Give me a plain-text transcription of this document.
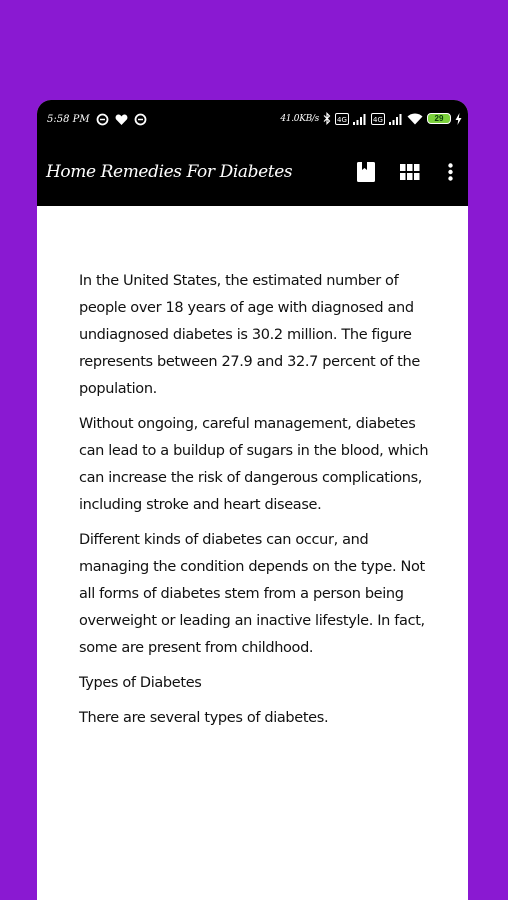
5:58 PM	41.0KB/s	4G	4G	29
Home Remedies For Diabetes

In the United States, the estimated number of people over 18 years of age with diagnosed and undiagnosed diabetes is 30.2 million. The figure represents between 27.9 and 32.7 percent of the population.

Without ongoing, careful management, diabetes can lead to a buildup of sugars in the blood, which can increase the risk of dangerous complications, including stroke and heart disease.

Different kinds of diabetes can occur, and managing the condition depends on the type. Not all forms of diabetes stem from a person being overweight or leading an inactive lifestyle. In fact, some are present from childhood.

Types of Diabetes

There are several types of diabetes.
